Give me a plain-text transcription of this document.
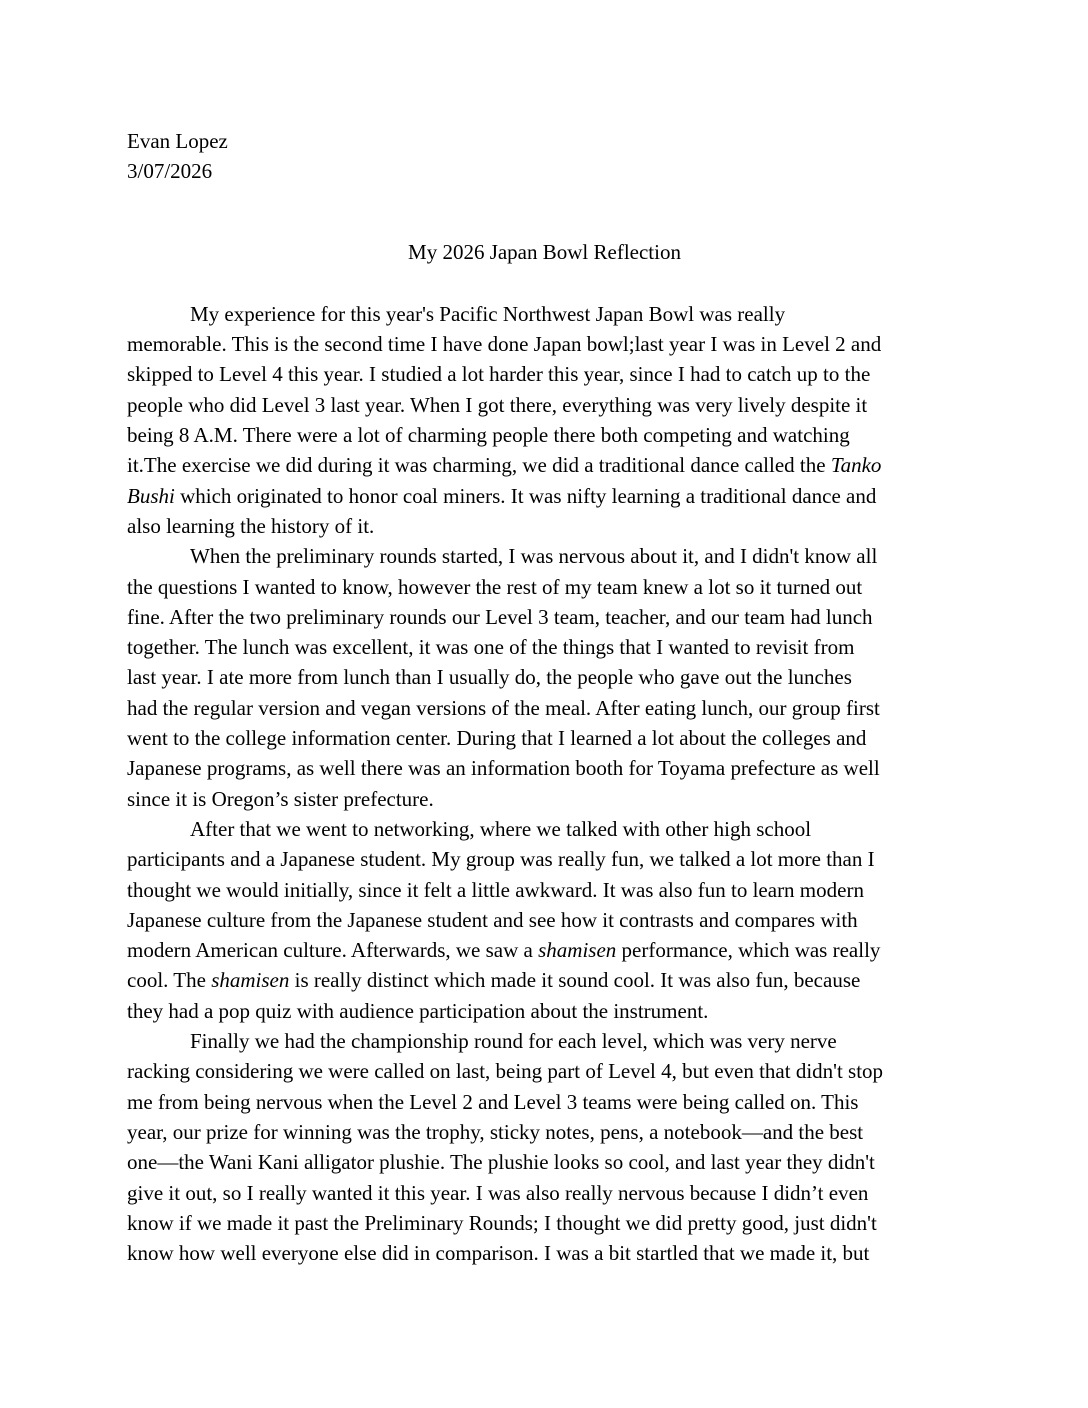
Evan Lopez
3/07/2026
My 2026 Japan Bowl Reflection
My experience for this year's Pacific Northwest Japan Bowl was really
memorable. This is the second time I have done Japan bowl;last year I was in Level 2 and
skipped to Level 4 this year. I studied a lot harder this year, since I had to catch up to the
people who did Level 3 last year. When I got there, everything was very lively despite it
being 8 A.M. There were a lot of charming people there both competing and watching
it.The exercise we did during it was charming, we did a traditional dance called the Tanko
Bushi which originated to honor coal miners. It was nifty learning a traditional dance and
also learning the history of it.
When the preliminary rounds started, I was nervous about it, and I didn't know all
the questions I wanted to know, however the rest of my team knew a lot so it turned out
fine. After the two preliminary rounds our Level 3 team, teacher, and our team had lunch
together. The lunch was excellent, it was one of the things that I wanted to revisit from
last year. I ate more from lunch than I usually do, the people who gave out the lunches
had the regular version and vegan versions of the meal. After eating lunch, our group first
went to the college information center. During that I learned a lot about the colleges and
Japanese programs, as well there was an information booth for Toyama prefecture as well
since it is Oregon’s sister prefecture.
After that we went to networking, where we talked with other high school
participants and a Japanese student. My group was really fun, we talked a lot more than I
thought we would initially, since it felt a little awkward. It was also fun to learn modern
Japanese culture from the Japanese student and see how it contrasts and compares with
modern American culture. Afterwards, we saw a shamisen performance, which was really
cool. The shamisen is really distinct which made it sound cool. It was also fun, because
they had a pop quiz with audience participation about the instrument.
Finally we had the championship round for each level, which was very nerve
racking considering we were called on last, being part of Level 4, but even that didn't stop
me from being nervous when the Level 2 and Level 3 teams were being called on. This
year, our prize for winning was the trophy, sticky notes, pens, a notebook—and the best
one—the Wani Kani alligator plushie. The plushie looks so cool, and last year they didn't
give it out, so I really wanted it this year. I was also really nervous because I didn’t even
know if we made it past the Preliminary Rounds; I thought we did pretty good, just didn't
know how well everyone else did in comparison. I was a bit startled that we made it, but
